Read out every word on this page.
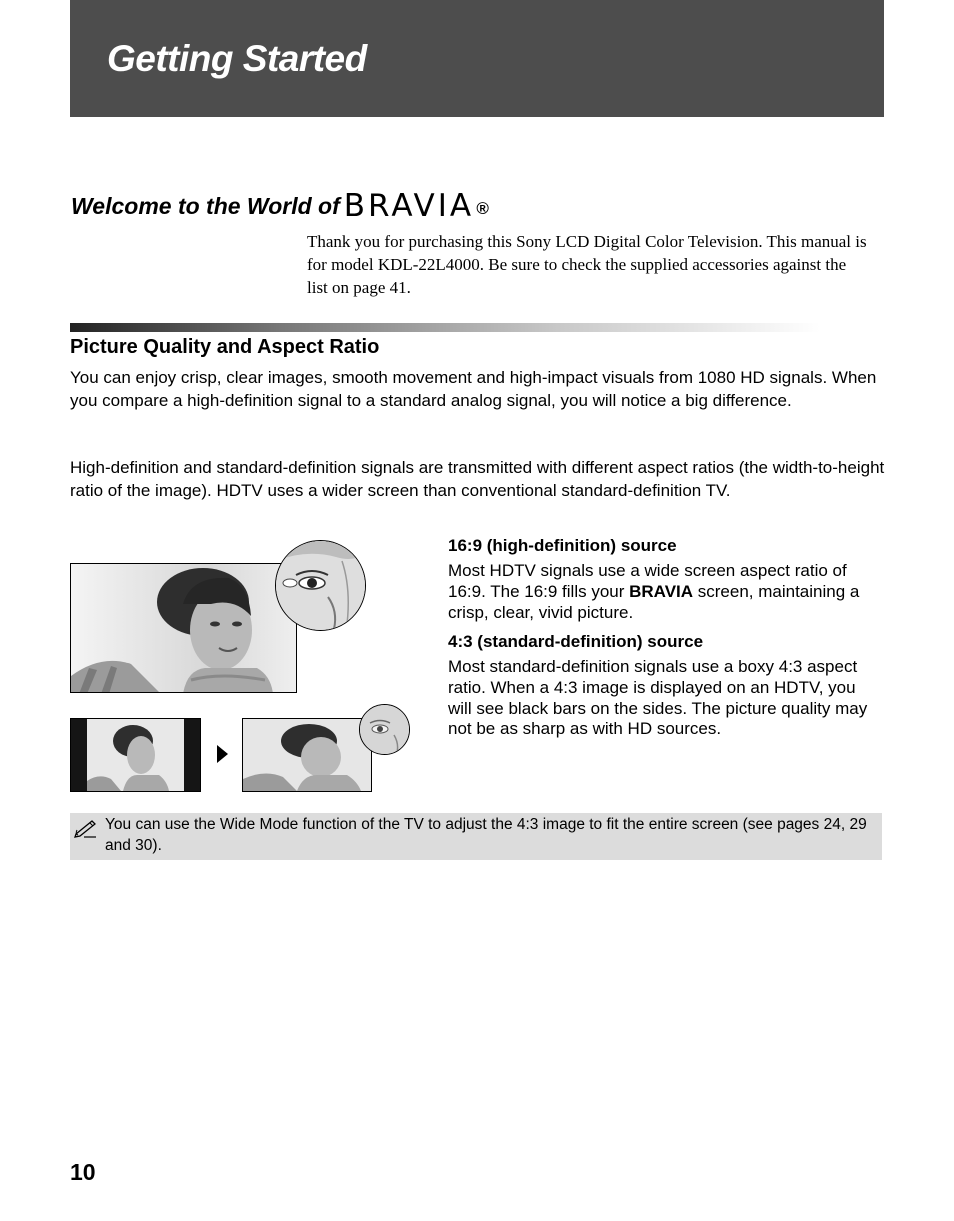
Getting Started
Welcome to the World of BRAVIA ®

Thank you for purchasing this Sony LCD Digital Color Television. This manual is for model KDL-22L4000. Be sure to check the supplied accessories against the list on page 41.

Picture Quality and Aspect Ratio

You can enjoy crisp, clear images, smooth movement and high-impact visuals from 1080 HD signals. When you compare a high-definition signal to a standard analog signal, you will notice a big difference.

High-definition and standard-definition signals are transmitted with different aspect ratios (the width-to-height ratio of the image). HDTV uses a wider screen than conventional standard-definition TV.

16:9 (high-definition) source

Most HDTV signals use a wide screen aspect ratio of 16:9. The 16:9 fills your BRAVIA screen, maintaining a crisp, clear, vivid picture.

4:3 (standard-definition) source

Most standard-definition signals use a boxy 4:3 aspect ratio. When a 4:3 image is displayed on an HDTV, you will see black bars on the sides. The picture quality may not be as sharp as with HD sources.

You can use the Wide Mode function of the TV to adjust the 4:3 image to fit the entire screen (see pages 24, 29 and 30).

10
